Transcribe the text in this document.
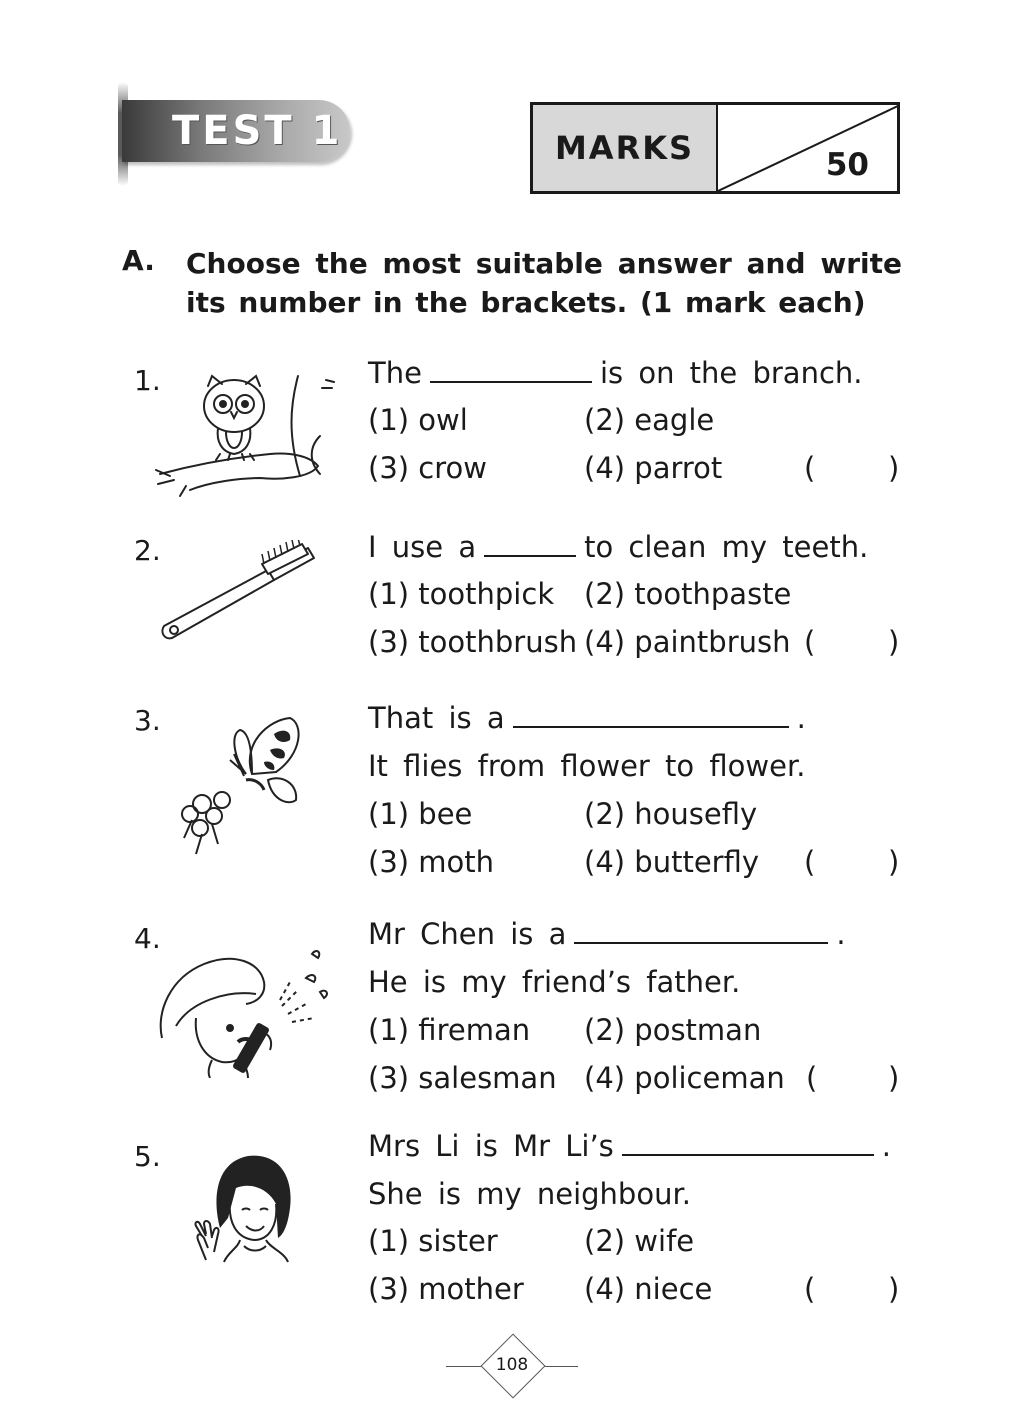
TEST 1	MARKS	50
A. Choose the most suitable answer and write its number in the brackets. (1 mark each)
1.	The	is on the branch.
(1) owl	(2) eagle
(3) crow	(4) parrot	(	)
2.	I use a	to clean my teeth.
(1) toothpick (2) toothpaste
(3) toothbrush (4) paintbrush (	)
3.	That is a	.
It flies from flower to flower.
(1) bee	(2) housefly
(3) moth	(4) butterfly (	)
4.	Mr Chen is a	.
He is my friend’s father.
(1) fireman (2) postman
(3) salesman (4) policeman ( )
5.	Mrs Li is Mr Li’s	.
She is my neighbour.
(1) sister	(2) wife
(3) mother (4) niece	(	)
108
